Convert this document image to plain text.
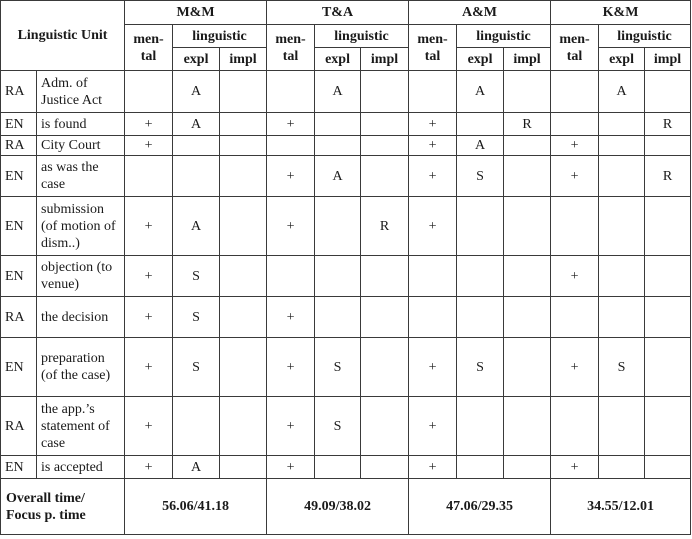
Linguistic Unit		M&M			T&A			A&M			K&M		
		men-tal	linguistic		men-tal	linguistic		men-tal	linguistic		men-tal	linguistic	
			expl	impl		expl	impl		expl	impl		expl	impl
RA	Adm. of Justice Act		A			A			A			A	
EN	is found	+	A		+			+		R			R
RA	City Court	+						+	A		+		
EN	as was the case				+	A		+	S		+		R
EN	submission (of motion of dism..)	+	A		+		R	+					
EN	objection (to venue)	+	S								+		
RA	the decision	+	S		+								
EN	preparation (of the case)	+	S		+	S		+	S		+	S	
RA	the app.’s statement of case	+			+	S		+					
EN	is accepted	+	A		+			+			+		
Overall time/ Focus p. time		56.06/41.18			49.09/38.02			47.06/29.35			34.55/12.01		
